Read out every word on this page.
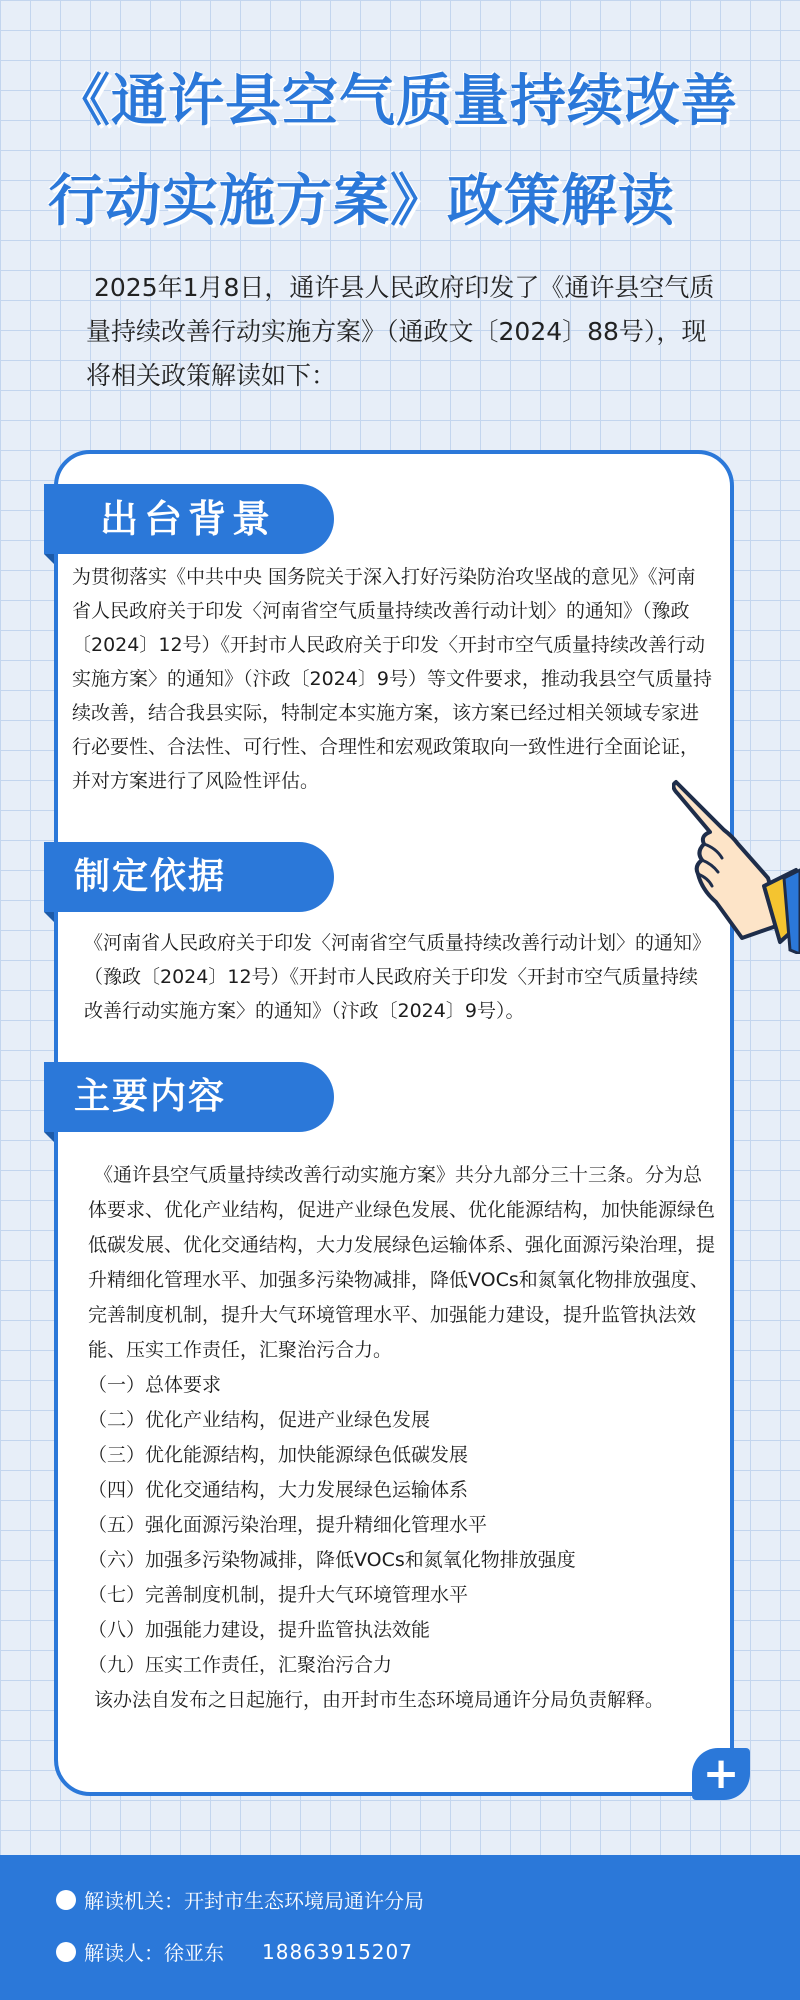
《通许县空气质量持续改善
行动实施方案》政策解读

2025年1月8日，通许县人民政府印发了《通许县空气质量持续改善行动实施方案》（通政文〔2024〕88号），现将相关政策解读如下：

出台背景

为贯彻落实《中共中央 国务院关于深入打好污染防治攻坚战的意见》《河南省人民政府关于印发〈河南省空气质量持续改善行动计划〉的通知》（豫政〔2024〕12号）《开封市人民政府关于印发〈开封市空气质量持续改善行动实施方案〉的通知》（汴政〔2024〕9号）等文件要求，推动我县空气质量持续改善，结合我县实际，特制定本实施方案，该方案已经过相关领域专家进行必要性、合法性、可行性、合理性和宏观政策取向一致性进行全面论证，并对方案进行了风险性评估。

制定依据

《河南省人民政府关于印发〈河南省空气质量持续改善行动计划〉的通知》（豫政〔2024〕12号）《开封市人民政府关于印发〈开封市空气质量持续改善行动实施方案〉的通知》（汴政〔2024〕9号）。

主要内容

《通许县空气质量持续改善行动实施方案》共分九部分三十三条。分为总体要求、优化产业结构，促进产业绿色发展、优化能源结构，加快能源绿色低碳发展、优化交通结构，大力发展绿色运输体系、强化面源污染治理，提升精细化管理水平、加强多污染物减排，降低VOCs和氮氧化物排放强度、完善制度机制，提升大气环境管理水平、加强能力建设，提升监管执法效能、压实工作责任，汇聚治污合力。

（一）总体要求

（二）优化产业结构，促进产业绿色发展

（三）优化能源结构，加快能源绿色低碳发展

（四）优化交通结构，大力发展绿色运输体系

（五）强化面源污染治理，提升精细化管理水平

（六）加强多污染物减排，降低VOCs和氮氧化物排放强度

（七）完善制度机制，提升大气环境管理水平

（八）加强能力建设，提升监管执法效能

（九）压实工作责任，汇聚治污合力

该办法自发布之日起施行，由开封市生态环境局通许分局负责解释。

+
解读机关：开封市生态环境局通许分局
解读人：徐亚东 18863915207
